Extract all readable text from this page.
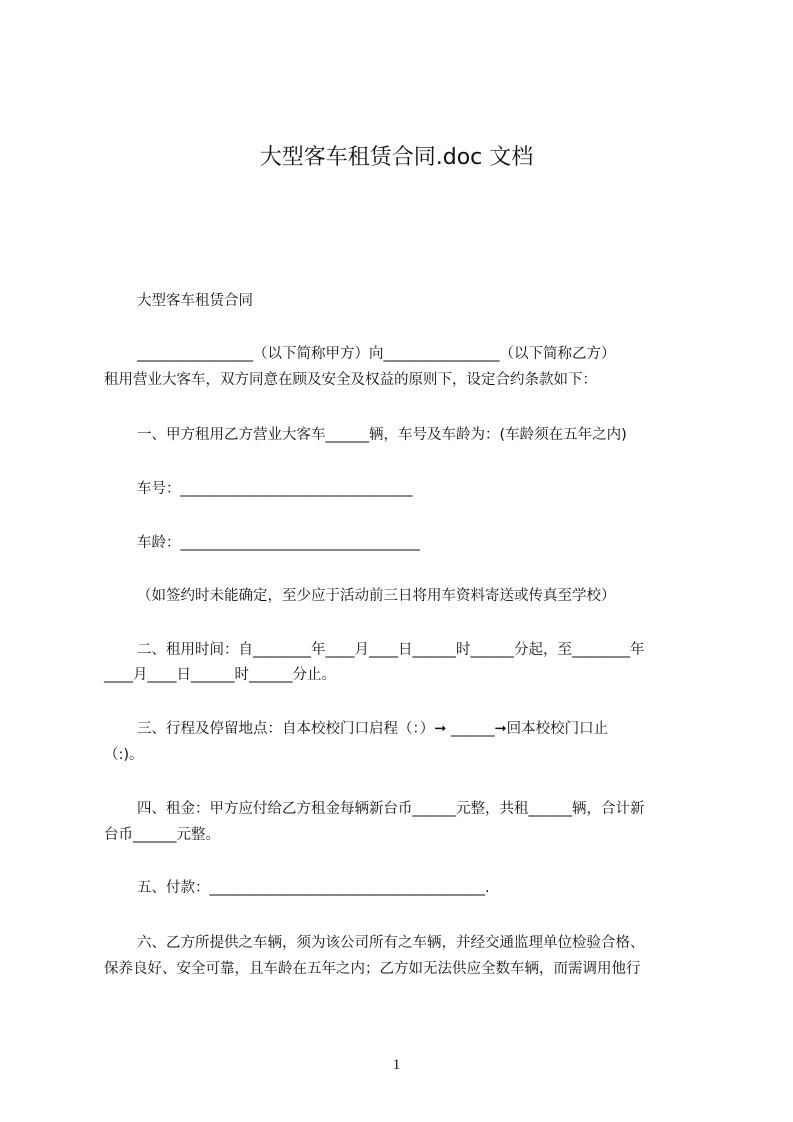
大型客车租赁合同.doc 文档

大型客车租赁合同

________________（以下简称甲方）向________________（以下简称乙方）

租用营业大客车，双方同意在顾及安全及权益的原则下，设定合约条款如下：

一、甲方租用乙方营业大客车______辆，车号及车龄为：(车龄须在五年之内)

车号：________________________________

车龄：_________________________________

（如签约时未能确定，至少应于活动前三日将用车资料寄送或传真至学校）

二、租用时间：自________年____月____日______时______分起，至________年

____月____日______时______分止。

三、行程及停留地点：自本校校门口启程（：）➞ ______➞回本校校门口止

（:)。

四、租金：甲方应付给乙方租金每辆新台币______元整，共租______辆，合计新

台币______元整。

五、付款：______________________________________.

六、乙方所提供之车辆，须为该公司所有之车辆，并经交通监理单位检验合格、

保养良好、安全可靠，且车龄在五年之内；乙方如无法供应全数车辆，而需调用他行

1
